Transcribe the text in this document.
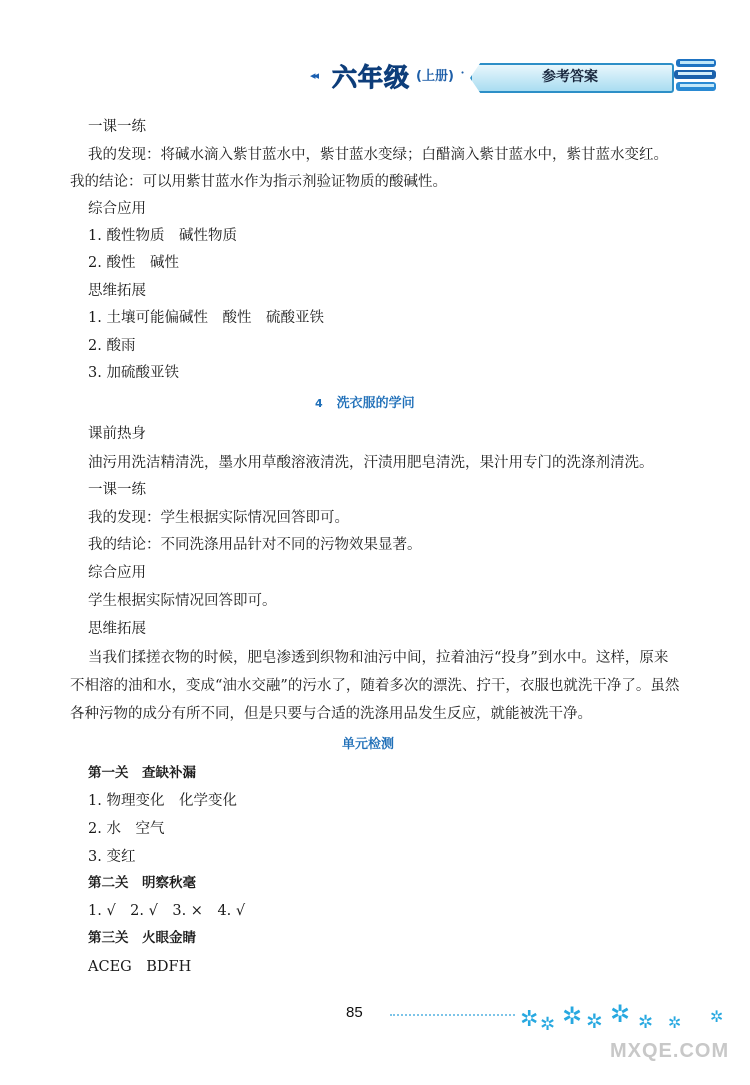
◂◂ 六年级 (上册) ·	参考答案
一课一练
我的发现：将碱水滴入紫甘蓝水中，紫甘蓝水变绿；白醋滴入紫甘蓝水中，紫甘蓝水变红。
我的结论：可以用紫甘蓝水作为指示剂验证物质的酸碱性。
综合应用
1. 酸性物质　碱性物质
2. 酸性　碱性
思维拓展
1. 土壤可能偏碱性　酸性　硫酸亚铁
2. 酸雨
3. 加硫酸亚铁
4 洗衣服的学问
课前热身
油污用洗洁精清洗，墨水用草酸溶液清洗，汗渍用肥皂清洗，果汁用专门的洗涤剂清洗。
一课一练
我的发现：学生根据实际情况回答即可。
我的结论：不同洗涤用品针对不同的污物效果显著。
综合应用
学生根据实际情况回答即可。
思维拓展
当我们揉搓衣物的时候，肥皂渗透到织物和油污中间，拉着油污“投身”到水中。这样，原来
不相溶的油和水，变成“油水交融”的污水了，随着多次的漂洗、拧干，衣服也就洗干净了。虽然
各种污物的成分有所不同，但是只要与合适的洗涤用品发生反应，就能被洗干净。
单元检测
第一关　查缺补漏
1. 物理变化　化学变化
2. 水　空气
3. 变红
第二关　明察秋毫
1. √　2. √　3. ×　4. √
第三关　火眼金睛
ACEG　BDFH
85	✲ ✲ ✲ ✲ ✲ ✲ ✲ ✲
MXQE.COM
